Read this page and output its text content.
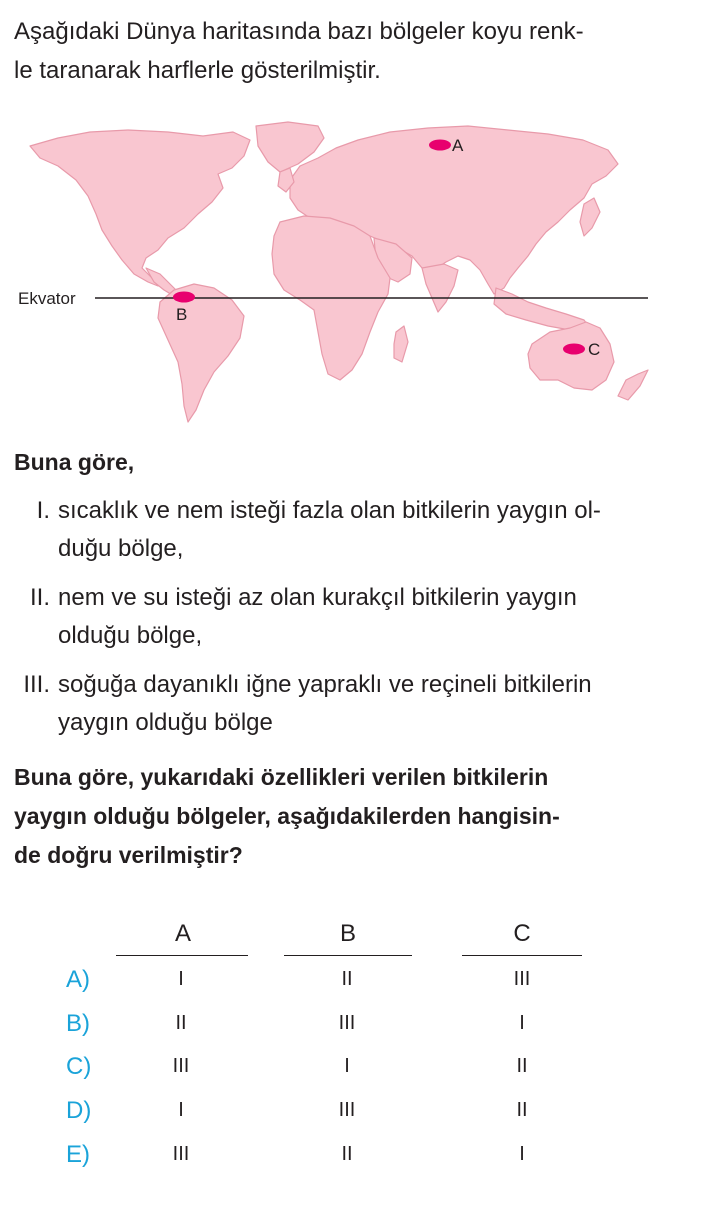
Aşağıdaki Dünya haritasında bazı bölgeler koyu renk-
le taranarak harflerle gösterilmiştir.
Ekvator
A
B
C
Buna göre,
I. sıcaklık ve nem isteği fazla olan bitkilerin yaygın ol-
duğu bölge,
II. nem ve su isteği az olan kurakçıl bitkilerin yaygın
olduğu bölge,
III. soğuğa dayanıklı iğne yapraklı ve reçineli bitkilerin
yaygın olduğu bölge
Buna göre, yukarıdaki özellikleri verilen bitkilerin
yaygın olduğu bölgeler, aşağıdakilerden hangisin-
de doğru verilmiştir?
A	B	C
A)	I	II	III
B)	II	III	I
C)	III	I	II
D)	I	III	II
E)	III	II	I
